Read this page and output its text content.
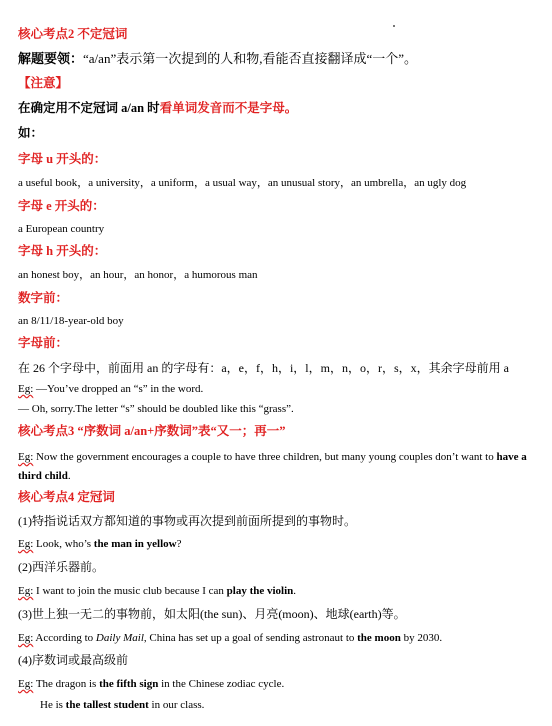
核心考点2 不定冠词
解题要领：“a/an”表示第一次提到的人和物,看能否直接翻译成“一个”。
【注意】
在确定用不定冠词 a/an 时看单词发音而不是字母。
如：
字母 u 开头的：
a useful book，a university，a uniform，a usual way，an unusual story，an umbrella，an ugly dog
字母 e 开头的：
a European country
字母 h 开头的：
an honest boy，an hour，an honor，a humorous man
数字前：
an 8/11/18-year-old boy
字母前：
在 26 个字母中，前面用 an 的字母有：a，e，f，h，i，l，m，n，o，r，s，x，其余字母前用 a
Eg: —You’ve dropped an “s” in the word.
— Oh, sorry.The letter “s” should be doubled like this “grass”.
核心考点3 “序数词 a/an+序数词”表“又一；再一”
Eg: Now the government encourages a couple to have three children, but many young couples don’t want to have a
third child.
核心考点4 定冠词
(1)特指说话双方都知道的事物或再次提到前面所提到的事物时。
Eg: Look, who’s the man in yellow?
(2)西洋乐器前。
Eg: I want to join the music club because I can play the violin.
(3)世上独一无二的事物前，如太阳(the sun)、月亮(moon)、地球(earth)等。
Eg: According to Daily Mail, China has set up a goal of sending astronaut to the moon by 2030.
(4)序数词或最高级前
Eg: The dragon is the fifth sign in the Chinese zodiac cycle.
He is the tallest student in our class.
